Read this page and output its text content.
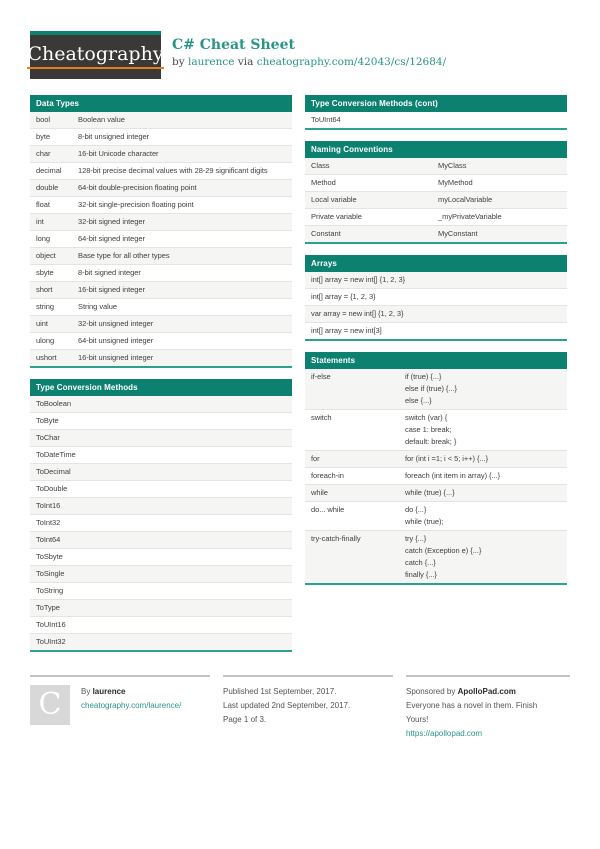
Cheatography C# Cheat Sheet

by laurence via cheatography.com/42043/cs/12684/

Data Types
bool	Boolean value
byte	8-bit unsigned integer
char	16-bit Unicode character
decimal	128-bit precise decimal values with 28-29 significant digits
double	64-bit double-precision floating point
float	32-bit single-precision floating point
int	32-bit signed integer
long	64-bit signed integer
object	Base type for all other types
sbyte	8-bit signed integer
short	16-bit signed integer
string	String value
uint	32-bit unsigned integer
ulong	64-bit unsigned integer
ushort	16-bit unsigned integer
Type Conversion Methods
ToBoolean
ToByte
ToChar
ToDateTime
ToDecimal
ToDouble
ToInt16
ToInt32
ToInt64
ToSbyte
ToSingle
ToString
ToType
ToUInt16
ToUInt32
Type Conversion Methods (cont)
ToUInt64
Naming Conventions
Class	MyClass
Method	MyMethod
Local variable	myLocalVariable
Private variable	_myPrivateVariable
Constant	MyConstant
Arrays
int[] array = new int[] {1, 2, 3}
int[] array = {1, 2, 3}
var array = new int[] {1, 2, 3}
int[] array = new int[3]
Statements
if-else	if (true) {...}
else if (true) {...}
else {...}
switch	switch (var) {
case 1: break;
default: break; }
for	for (int i =1; i < 5; i++) {...}
foreach-in	foreach (int item in array) {...}
while	while (true) {...}
do... while	do {...}
while (true);
try-catch-finally	try {...}
catch (Exception e) {...}
catch {...}
finally {...}
C By laurence
cheatography.com/laurence/
Published 1st September, 2017.
Last updated 2nd September, 2017.
Page 1 of 3.
Sponsored by ApolloPad.com
Everyone has a novel in them. Finish
Yours!
https://apollopad.com
